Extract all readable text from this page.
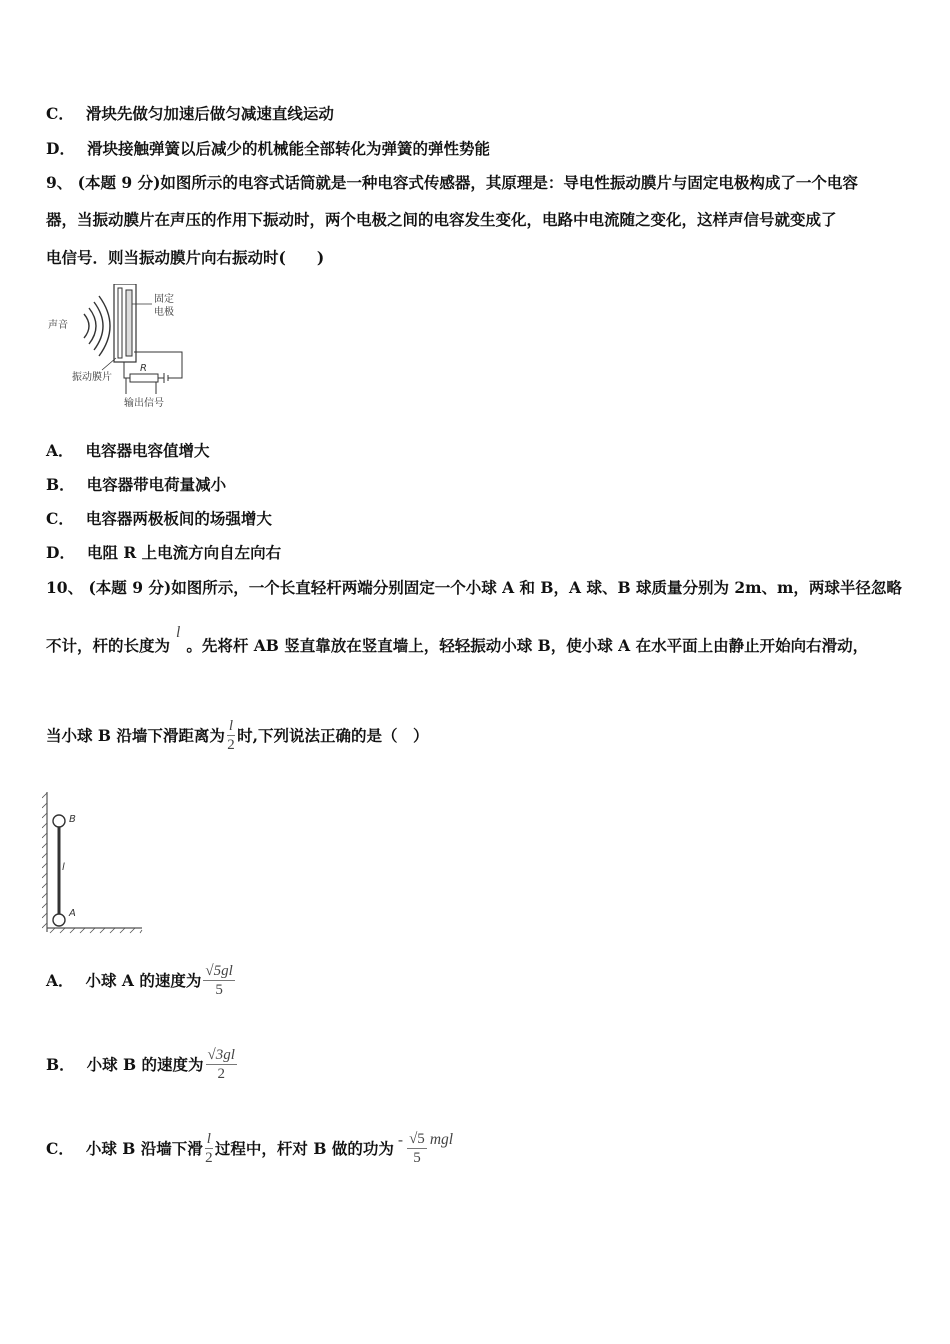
C． 滑块先做匀加速后做匀减速直线运动
D． 滑块接触弹簧以后减少的机械能全部转化为弹簧的弹性势能
9、 (本题 9 分)如图所示的电容式话筒就是一种电容式传感器，其原理是：导电性振动膜片与固定电极构成了一个电容
器，当振动膜片在声压的作用下振动时，两个电极之间的电容发生变化，电路中电流随之变化，这样声信号就变成了
电信号．则当振动膜片向右振动时(　　)
声音
固定
电极
R
振动膜片
输出信号
A． 电容器电容值增大
B． 电容器带电荷量减小
C． 电容器两极板间的场强增大
D． 电阻 R 上电流方向自左向右
10、 (本题 9 分)如图所示，一个长直轻杆两端分别固定一个小球 A 和 B，A 球、B 球质量分别为 2m、m，两球半径忽略
不计，杆的长度为l。先将杆 AB 竖直靠放在竖直墙上，轻轻振动小球 B，使小球 A 在水平面上由静止开始向右滑动，
当小球 B 沿墙下滑距离为 $\frac{l}{2}$ 时,下列说法正确的是（　）
B
A
l
A． 小球 A 的速度为 $\frac{√5gl}{5}$
B． 小球 B 的速度为 $\frac{√3gl}{2}$
C． 小球 B 沿墙下滑 $\frac{l}{2}$ 过程中，杆对 B 做的功为 - $\frac{√5}{5}$ mgl
